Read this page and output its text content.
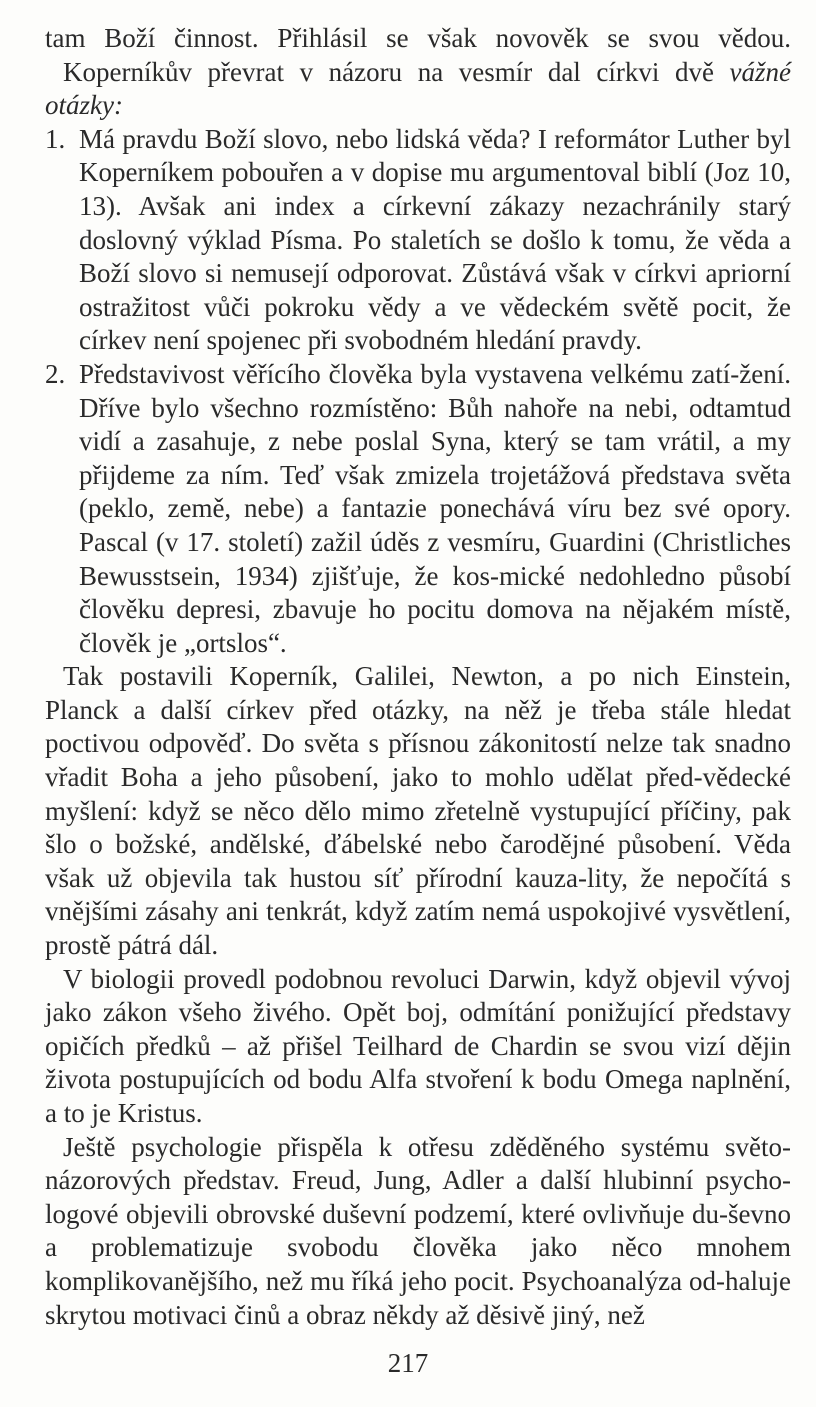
tam Boží činnost. Přihlásil se však novověk se svou vědou.

Koperníkův převrat v názoru na vesmír dal církvi dvě vážné otázky:

1. Má pravdu Boží slovo, nebo lidská věda? I reformátor Luther byl Koperníkem pobouřen a v dopise mu argumentoval biblí (Joz 10, 13). Avšak ani index a církevní zákazy nezachránily starý doslovný výklad Písma. Po staletích se došlo k tomu, že věda a Boží slovo si nemusejí odporovat. Zůstává však v církvi apriorní ostražitost vůči pokroku vědy a ve vědeckém světě pocit, že církev není spojenec při svobodném hledání pravdy.
2. Představivost věřícího člověka byla vystavena velkému zatí-žení. Dříve bylo všechno rozmístěno: Bůh nahoře na nebi, odtamtud vidí a zasahuje, z nebe poslal Syna, který se tam vrátil, a my přijdeme za ním. Teď však zmizela trojetážová představa světa (peklo, země, nebe) a fantazie ponechává víru bez své opory. Pascal (v 17. století) zažil úděs z vesmíru, Guardini (Christliches Bewusstsein, 1934) zjišťuje, že kos-mické nedohledno působí člověku depresi, zbavuje ho pocitu domova na nějakém místě, člověk je „ortslos“.

Tak postavili Koperník, Galilei, Newton, a po nich Einstein, Planck a další církev před otázky, na něž je třeba stále hledat poctivou odpověď. Do světa s přísnou zákonitostí nelze tak snadno vřadit Boha a jeho působení, jako to mohlo udělat před-vědecké myšlení: když se něco dělo mimo zřetelně vystupující příčiny, pak šlo o božské, andělské, ďábelské nebo čarodějné působení. Věda však už objevila tak hustou síť přírodní kauza-lity, že nepočítá s vnějšími zásahy ani tenkrát, když zatím nemá uspokojivé vysvětlení, prostě pátrá dál.

V biologii provedl podobnou revoluci Darwin, když objevil vývoj jako zákon všeho živého. Opět boj, odmítání ponižující představy opičích předků – až přišel Teilhard de Chardin se svou vizí dějin života postupujících od bodu Alfa stvoření k bodu Omega naplnění, a to je Kristus.

Ještě psychologie přispěla k otřesu zděděného systému světo-názorových představ. Freud, Jung, Adler a další hlubinní psycho-logové objevili obrovské duševní podzemí, které ovlivňuje du-ševno a problematizuje svobodu člověka jako něco mnohem komplikovanějšího, než mu říká jeho pocit. Psychoanalýza od-haluje skrytou motivaci činů a obraz někdy až děsivě jiný, než

217
